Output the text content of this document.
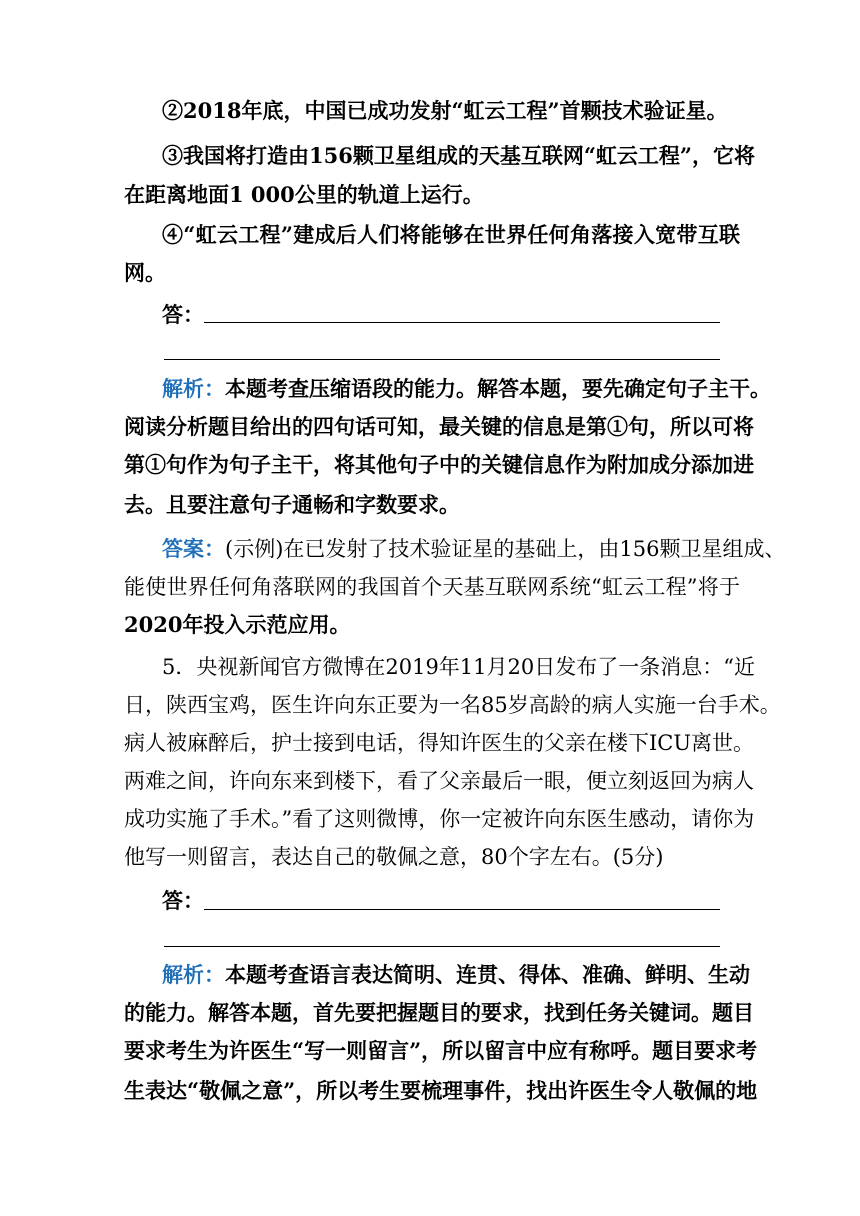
②2018年底，中国已成功发射“虹云工程”首颗技术验证星。
③我国将打造由156颗卫星组成的天基互联网“虹云工程”，它将
在距离地面1 000公里的轨道上运行。
④“虹云工程”建成后人们将能够在世界任何角落接入宽带互联
网。
答：
解析：本题考查压缩语段的能力。解答本题，要先确定句子主干。
阅读分析题目给出的四句话可知，最关键的信息是第①句，所以可将
第①句作为句子主干，将其他句子中的关键信息作为附加成分添加进
去。且要注意句子通畅和字数要求。
答案：(示例)在已发射了技术验证星的基础上，由156颗卫星组成、
能使世界任何角落联网的我国首个天基互联网系统“虹云工程”将于
2020年投入示范应用。
5．央视新闻官方微博在2019年11月20日发布了一条消息：“近
日，陕西宝鸡，医生许向东正要为一名85岁高龄的病人实施一台手术。
病人被麻醉后，护士接到电话，得知许医生的父亲在楼下ICU离世。
两难之间，许向东来到楼下，看了父亲最后一眼，便立刻返回为病人
成功实施了手术。”看了这则微博，你一定被许向东医生感动，请你为
他写一则留言，表达自己的敬佩之意，80个字左右。(5分)
答：
解析：本题考查语言表达简明、连贯、得体、准确、鲜明、生动
的能力。解答本题，首先要把握题目的要求，找到任务关键词。题目
要求考生为许医生“写一则留言”，所以留言中应有称呼。题目要求考
生表达“敬佩之意”，所以考生要梳理事件，找出许医生令人敬佩的地
